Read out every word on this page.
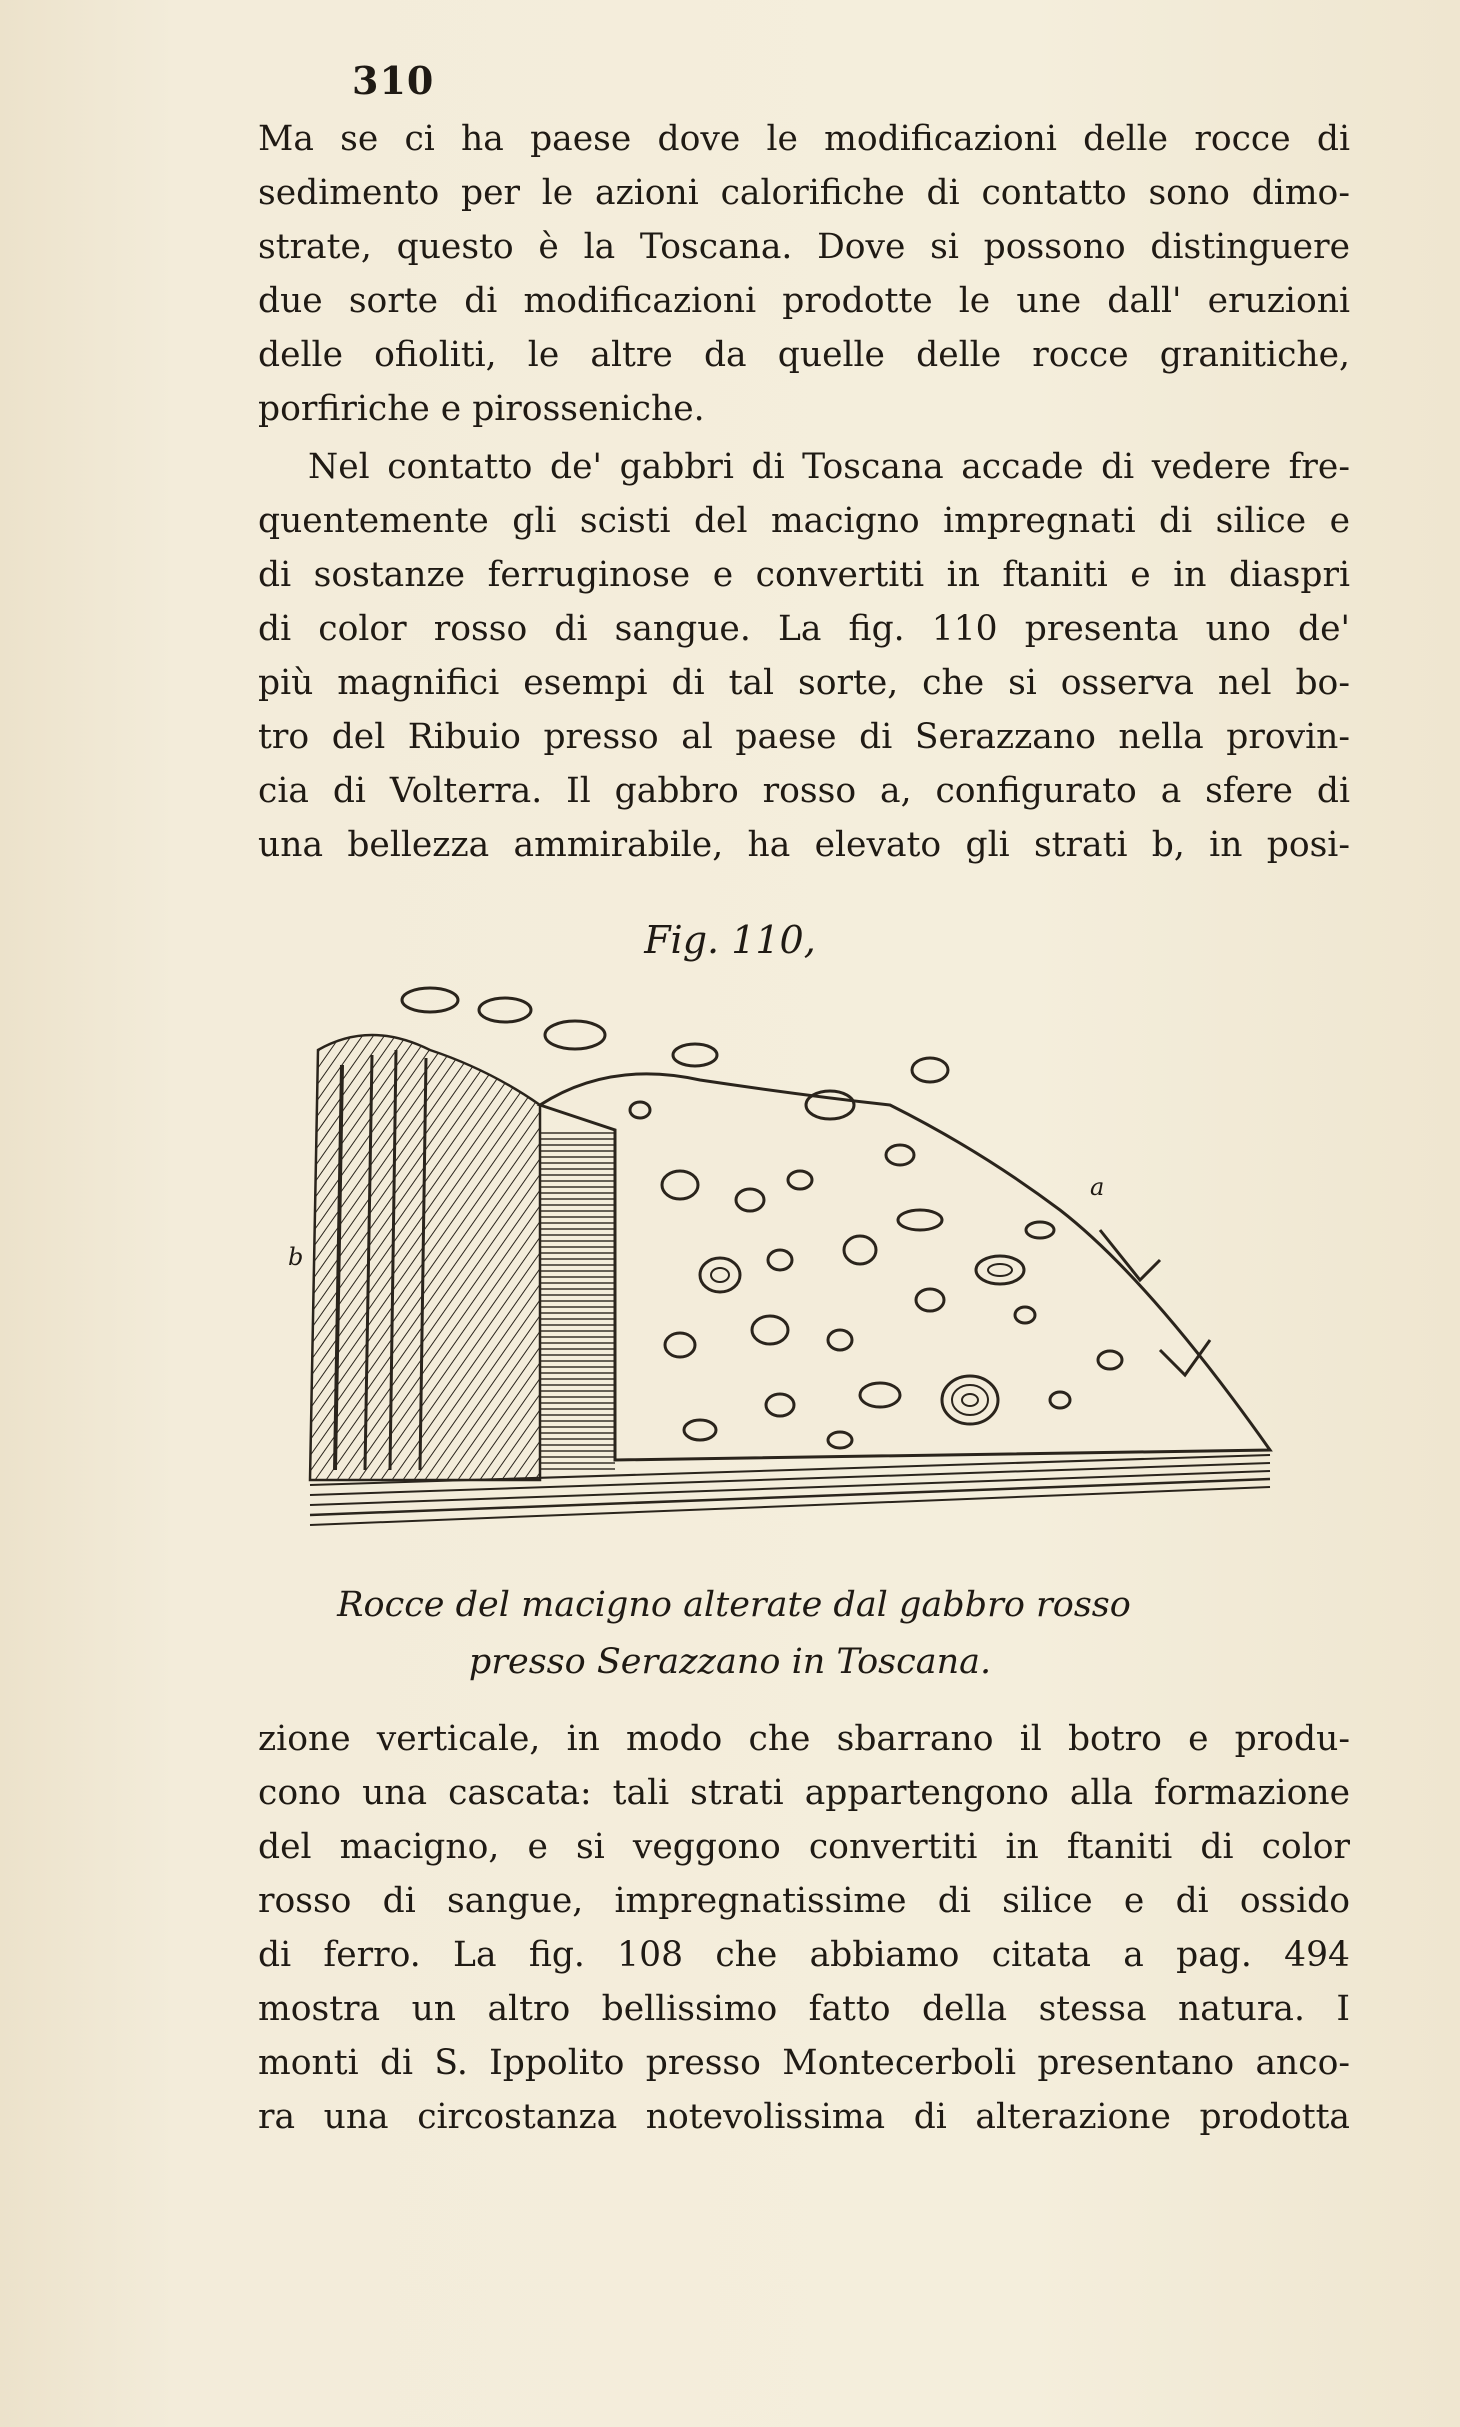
310
Ma se ci ha paese dove le modificazioni delle rocce di
sedimento per le azioni calorifiche di contatto sono dimo-
strate, questo è la Toscana. Dove si possono distinguere
due sorte di modificazioni prodotte le une dall' eruzioni
delle ofioliti, le altre da quelle delle rocce granitiche,
porfiriche e pirosseniche.
Nel contatto de' gabbri di Toscana accade di vedere fre-
quentemente gli scisti del macigno impregnati di silice e
di sostanze ferruginose e convertiti in ftaniti e in diaspri
di color rosso di sangue. La fig. 110 presenta uno de'
più magnifici esempi di tal sorte, che si osserva nel bo-
tro del Ribuio presso al paese di Serazzano nella provin-
cia di Volterra. Il gabbro rosso a, configurato a sfere di
una bellezza ammirabile, ha elevato gli strati b, in posi-
Fig. 110,
a
b
Rocce del macigno alterate dal gabbro rosso
presso Serazzano in Toscana.
zione verticale, in modo che sbarrano il botro e produ-
cono una cascata: tali strati appartengono alla formazione
del macigno, e si veggono convertiti in ftaniti di color
rosso di sangue, impregnatissime di silice e di ossido
di ferro. La fig. 108 che abbiamo citata a pag. 494
mostra un altro bellissimo fatto della stessa natura. I
monti di S. Ippolito presso Montecerboli presentano anco-
ra una circostanza notevolissima di alterazione prodotta
